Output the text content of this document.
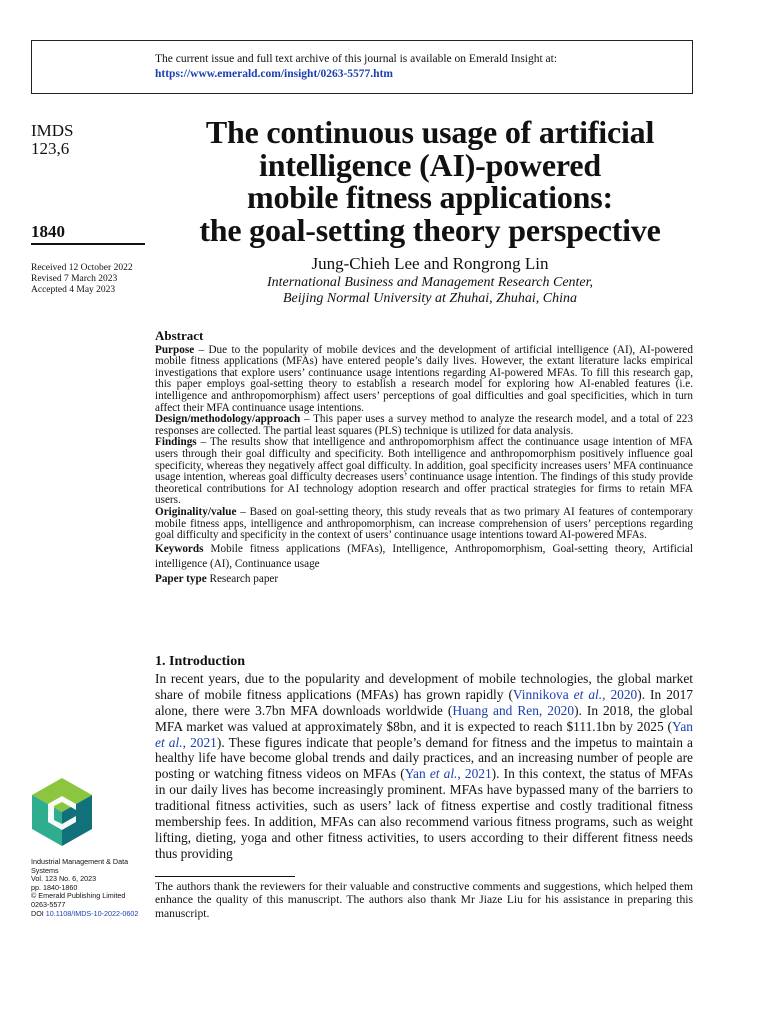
The current issue and full text archive of this journal is available on Emerald Insight at:
https://www.emerald.com/insight/0263-5577.htm
IMDS
123,6
1840
Received 12 October 2022
Revised 7 March 2023
Accepted 4 May 2023
The continuous usage of artificial
intelligence (AI)-powered
mobile fitness applications:
the goal-setting theory perspective
Jung-Chieh Lee and Rongrong Lin
International Business and Management Research Center,
Beijing Normal University at Zhuhai, Zhuhai, China
Abstract

Purpose – Due to the popularity of mobile devices and the development of artificial intelligence (AI), AI-powered mobile fitness applications (MFAs) have entered people’s daily lives. However, the extant literature lacks empirical investigations that explore users’ continuance usage intentions regarding AI-powered MFAs. To fill this research gap, this paper employs goal-setting theory to establish a research model for exploring how AI-enabled features (i.e. intelligence and anthropomorphism) affect users’ perceptions of goal difficulties and goal specificities, which in turn affect their MFA continuance usage intentions.

Design/methodology/approach – This paper uses a survey method to analyze the research model, and a total of 223 responses are collected. The partial least squares (PLS) technique is utilized for data analysis.

Findings – The results show that intelligence and anthropomorphism affect the continuance usage intention of MFA users through their goal difficulty and specificity. Both intelligence and anthropomorphism positively influence goal specificity, whereas they negatively affect goal difficulty. In addition, goal specificity increases users’ MFA continuance usage intention, whereas goal difficulty decreases users’ continuance usage intention. The findings of this study provide theoretical contributions for AI technology adoption research and offer practical strategies for firms to retain MFA users.

Originality/value – Based on goal-setting theory, this study reveals that as two primary AI features of contemporary mobile fitness apps, intelligence and anthropomorphism, can increase comprehension of users’ perceptions regarding goal difficulty and specificity in the context of users’ continuance usage intentions toward AI-powered MFAs.

Keywords Mobile fitness applications (MFAs), Intelligence, Anthropomorphism, Goal-setting theory, Artificial intelligence (AI), Continuance usage

Paper type Research paper

1. Introduction

In recent years, due to the popularity and development of mobile technologies, the global market share of mobile fitness applications (MFAs) has grown rapidly (Vinnikova et al., 2020). In 2017 alone, there were 3.7bn MFA downloads worldwide (Huang and Ren, 2020). In 2018, the global MFA market was valued at approximately $8bn, and it is expected to reach $111.1bn by 2025 (Yan et al., 2021). These figures indicate that people’s demand for fitness and the impetus to maintain a healthy life have become global trends and daily practices, and an increasing number of people are posting or watching fitness videos on MFAs (Yan et al., 2021). In this context, the status of MFAs in our daily lives has become increasingly prominent. MFAs have bypassed many of the barriers to traditional fitness activities, such as users’ lack of fitness expertise and costly traditional fitness membership fees. In addition, MFAs can also recommend various fitness programs, such as weight lifting, dieting, yoga and other fitness activities, to users according to their different fitness needs thus providing

Industrial Management & Data Systems
Vol. 123 No. 6, 2023
pp. 1840-1860
© Emerald Publishing Limited
0263-5577
DOI 10.1108/IMDS-10-2022-0602
The authors thank the reviewers for their valuable and constructive comments and suggestions, which helped them enhance the quality of this manuscript. The authors also thank Mr Jiaze Liu for his assistance in preparing this manuscript.
